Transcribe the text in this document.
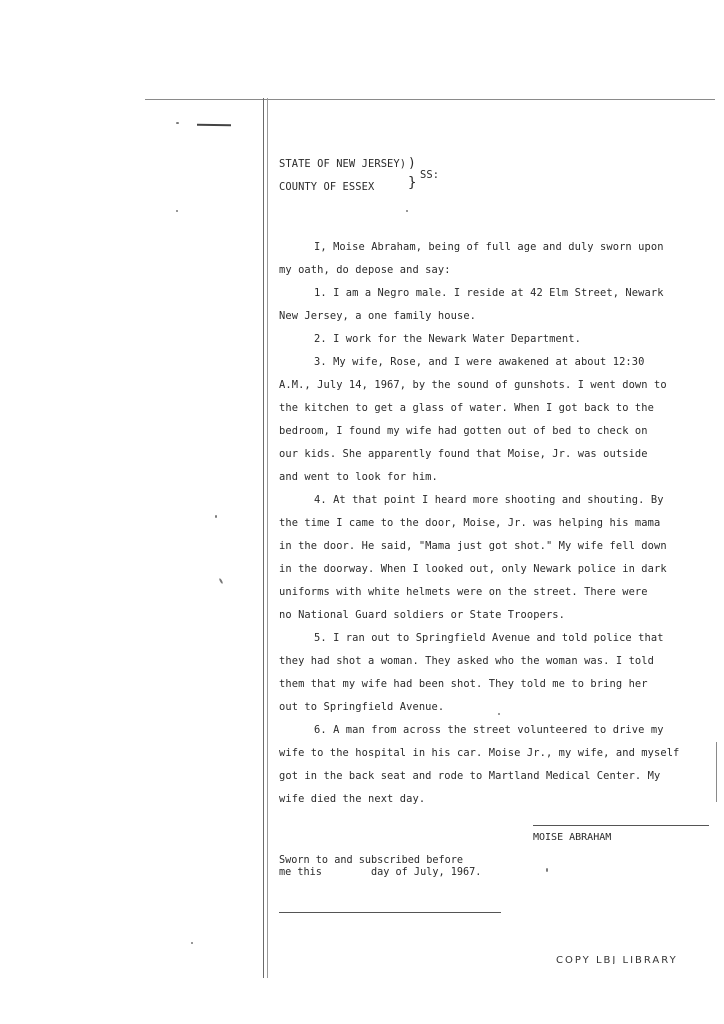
STATE OF NEW JERSEY)
COUNTY OF ESSEX
)
} SS:

I, Moise Abraham, being of full age and duly sworn upon

my oath, do depose and say:

1. I am a Negro male. I reside at 42 Elm Street, Newark

New Jersey, a one family house.

2. I work for the Newark Water Department.

3. My wife, Rose, and I were awakened at about 12:30

A.M., July 14, 1967, by the sound of gunshots. I went down to

the kitchen to get a glass of water. When I got back to the

bedroom, I found my wife had gotten out of bed to check on

our kids. She apparently found that Moise, Jr. was outside

and went to look for him.

4. At that point I heard more shooting and shouting. By

the time I came to the door, Moise, Jr. was helping his mama

in the door. He said, "Mama just got shot." My wife fell down

in the doorway. When I looked out, only Newark police in dark

uniforms with white helmets were on the street. There were

no National Guard soldiers or State Troopers.

5. I ran out to Springfield Avenue and told police that

they had shot a woman. They asked who the woman was. I told

them that my wife had been shot. They told me to bring her

out to Springfield Avenue.

6. A man from across the street volunteered to drive my

wife to the hospital in his car. Moise Jr., my wife, and myself

got in the back seat and rode to Martland Medical Center. My

wife died the next day.

MOISE ABRAHAM
Sworn to and subscribed before
me this        day of July, 1967.
COPY LBJ LIBRARY
